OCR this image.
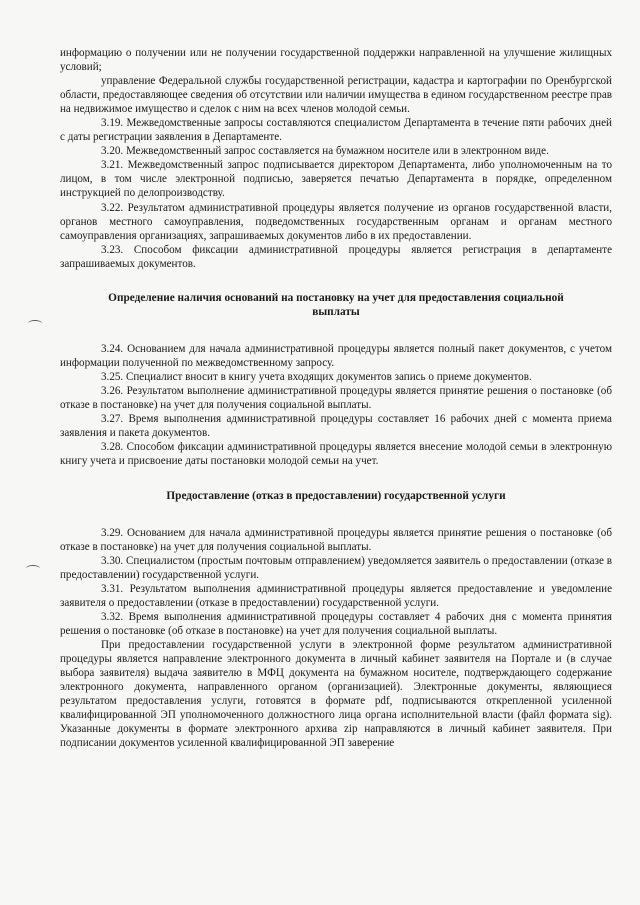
информацию о получении или не получении государственной поддержки направленной на улучшение жилищных условий;

управление Федеральной службы государственной регистрации, кадастра и картографии по Оренбургской области, предоставляющее сведения об отсутствии или наличии имущества в едином государственном реестре прав на недвижимое имущество и сделок с ним на всех членов молодой семьи.

3.19. Межведомственные запросы составляются специалистом Департамента в течение пяти рабочих дней с даты регистрации заявления в Департаменте.

3.20. Межведомственный запрос составляется на бумажном носителе или в электронном виде.

3.21. Межведомственный запрос подписывается директором Департамента, либо уполномоченным на то лицом, в том числе электронной подписью, заверяется печатью Департамента в порядке, определенном инструкцией по делопроизводству.

3.22. Результатом административной процедуры является получение из органов государственной власти, органов местного самоуправления, подведомственных государственным органам и органам местного самоуправления организациях, запрашиваемых документов либо в их предоставлении.

3.23. Способом фиксации административной процедуры является регистрация в департаменте запрашиваемых документов.

Определение наличия оснований на постановку на учет для предоставления социальной
выплаты

3.24. Основанием для начала административной процедуры является полный пакет документов, с учетом информации полученной по межведомственному запросу.

3.25. Специалист вносит в книгу учета входящих документов запись о приеме документов.

3.26. Результатом выполнение административной процедуры является принятие решения о постановке (об отказе в постановке) на учет для получения социальной выплаты.

3.27. Время выполнения административной процедуры составляет 16 рабочих дней с момента приема заявления и пакета документов.

3.28. Способом фиксации административной процедуры является внесение молодой семьи в электронную книгу учета и присвоение даты постановки молодой семьи на учет.

Предоставление (отказ в предоставлении) государственной услуги

3.29. Основанием для начала административной процедуры является принятие решения о постановке (об отказе в постановке) на учет для получения социальной выплаты.

3.30. Специалистом (простым почтовым отправлением) уведомляется заявитель о предоставлении (отказе в предоставлении) государственной услуги.

3.31. Результатом выполнения административной процедуры является предоставление и уведомление заявителя о предоставлении (отказе в предоставлении) государственной услуги.

3.32. Время выполнения административной процедуры составляет 4 рабочих дня с момента принятия решения о постановке (об отказе в постановке) на учет для получения социальной выплаты.

При предоставлении государственной услуги в электронной форме результатом административной процедуры является направление электронного документа в личный кабинет заявителя на Портале и (в случае выбора заявителя) выдача заявителю в МФЦ документа на бумажном носителе, подтверждающего содержание электронного документа, направленного органом (организацией). Электронные документы, являющиеся результатом предоставления услуги, готовятся в формате pdf, подписываются открепленной усиленной квалифицированной ЭП уполномоченного должностного лица органа исполнительной власти (файл формата sig). Указанные документы в формате электронного архива zip направляются в личный кабинет заявителя. При подписании документов усиленной квалифицированной ЭП заверение
